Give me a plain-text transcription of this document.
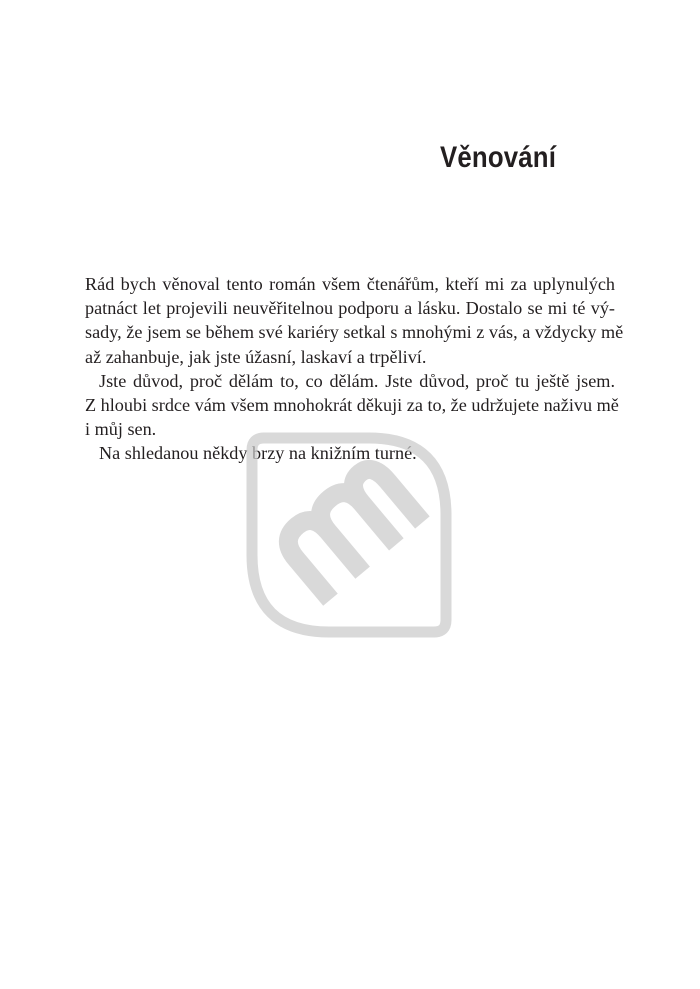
Věnování
Rád bych věnoval tento román všem čtenářům, kteří mi za uplynulých
patnáct let projevili neuvěřitelnou podporu a lásku. Dostalo se mi té vý-
sady, že jsem se během své kariéry setkal s mnohými z vás, a vždycky mě
až zahanbuje, jak jste úžasní, laskaví a trpěliví.
Jste důvod, proč dělám to, co dělám. Jste důvod, proč tu ještě jsem.
Z hloubi srdce vám všem mnohokrát děkuji za to, že udržujete naživu mě
i můj sen.
Na shledanou někdy brzy na knižním turné.
